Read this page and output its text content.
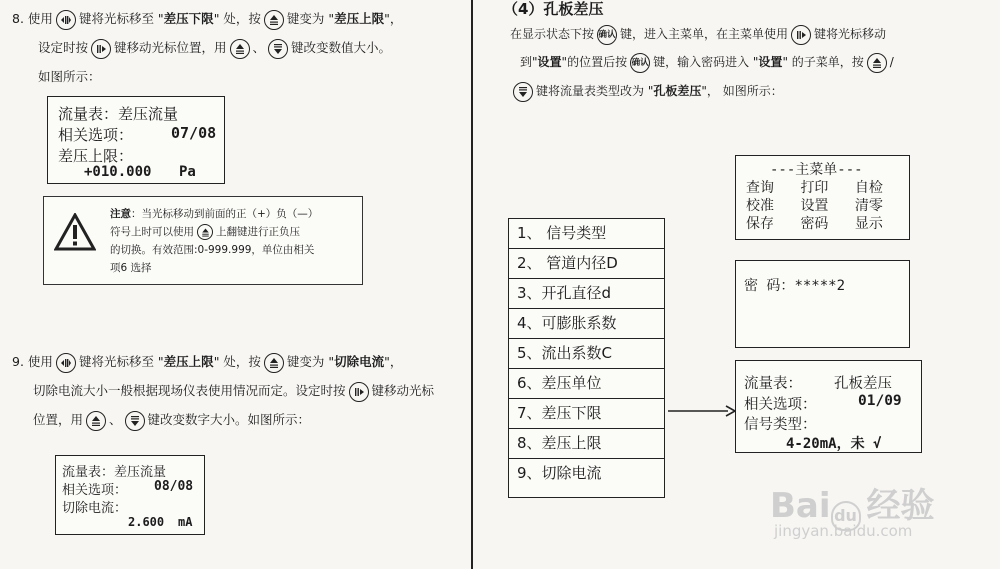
8. 使用 键将光标移至 "差压下限" 处，按 键变为 "差压上限"，
设定时按 键移动光标位置，用 、 键改变数值大小。
如图所示：
流量表：差压流量
相关选项：	07/08
差压上限：
+010.000 Pa
注意：当光标移动到前面的正（+）负（—）
符号上时可以使用 上翻键进行正负压
的切换。有效范围:0-999.999，单位由相关
项6 选择
9. 使用 键将光标移至 "差压上限" 处，按 键变为 "切除电流"，
切除电流大小一般根据现场仪表使用情况而定。设定时按 键移动光标
位置，用 、 键改变数字大小。如图所示：
流量表：差压流量
相关选项： 08/08
切除电流：
2.600 mA
（4）孔板差压
在显示状态下按 确认 键，进入主菜单，在主菜单使用 键将光标移动
到"设置"的位置后按 确认 键，输入密码进入 "设置" 的子菜单，按 /
键将流量表类型改为 "孔板差压"， 如图所示：
---主菜单---
查询 打印 自检
校准 设置 清零
保存 密码 显示
密 码：*****2
流量表： 孔板差压
相关选项：	01/09
信号类型：
4-20mA，未 √
1、 信号类型
2、 管道内径D
3、开孔直径d
4、可膨胀系数
5、流出系数C
6、差压单位
7、差压下限
8、差压上限
9、切除电流
Bai du 经验
jingyan.baidu.com
